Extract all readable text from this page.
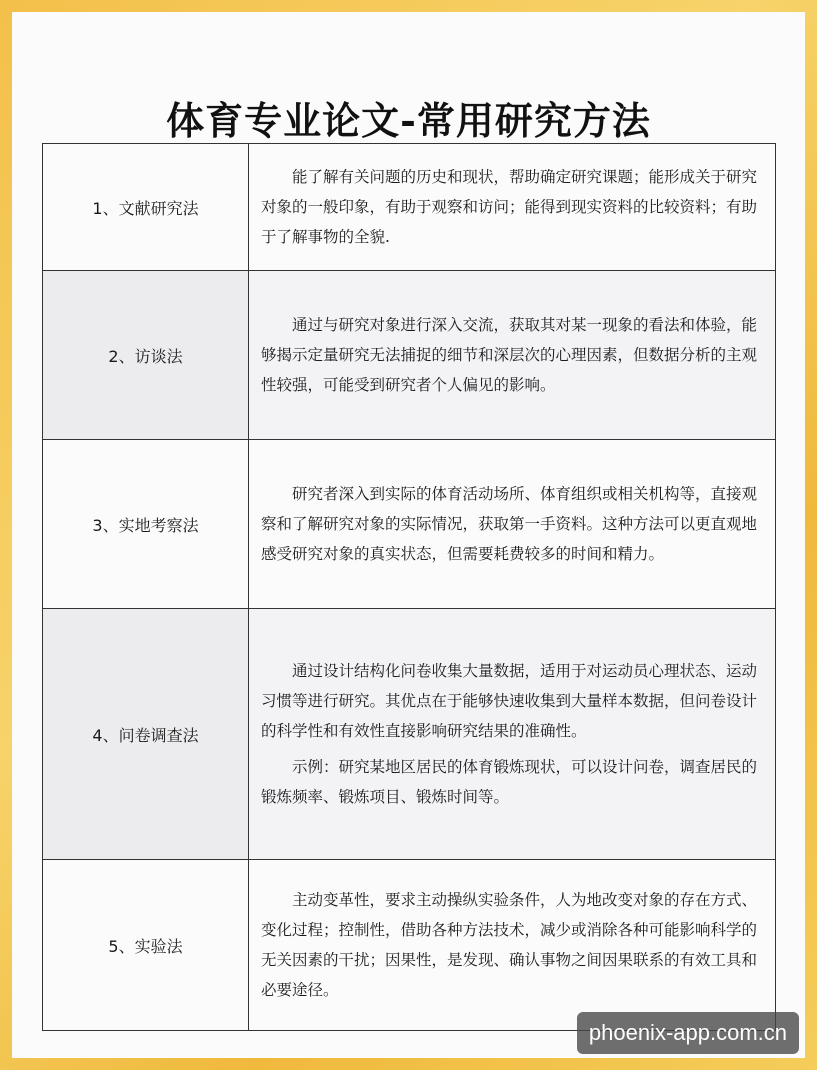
体育专业论文-常用研究方法
1、文献研究法	能了解有关问题的历史和现状，帮助确定研究课题；能形成关于研究对象的一般印象，有助于观察和访问；能得到现实资料的比较资料；有助于了解事物的全貌.

2、访谈法	通过与研究对象进行深入交流，获取其对某一现象的看法和体验，能够揭示定量研究无法捕捉的细节和深层次的心理因素，但数据分析的主观性较强，可能受到研究者个人偏见的影响。

3、实地考察法	研究者深入到实际的体育活动场所、体育组织或相关机构等，直接观察和了解研究对象的实际情况，获取第一手资料。这种方法可以更直观地感受研究对象的真实状态，但需要耗费较多的时间和精力。

4、问卷调查法	通过设计结构化问卷收集大量数据，适用于对运动员心理状态、运动习惯等进行研究。其优点在于能够快速收集到大量样本数据，但问卷设计的科学性和有效性直接影响研究结果的准确性。

示例：研究某地区居民的体育锻炼现状，可以设计问卷，调查居民的锻炼频率、锻炼项目、锻炼时间等。

5、实验法	主动变革性，要求主动操纵实验条件，人为地改变对象的存在方式、变化过程；控制性，借助各种方法技术，减少或消除各种可能影响科学的无关因素的干扰；因果性，是发现、确认事物之间因果联系的有效工具和必要途径。

phoenix-app.com.cn
